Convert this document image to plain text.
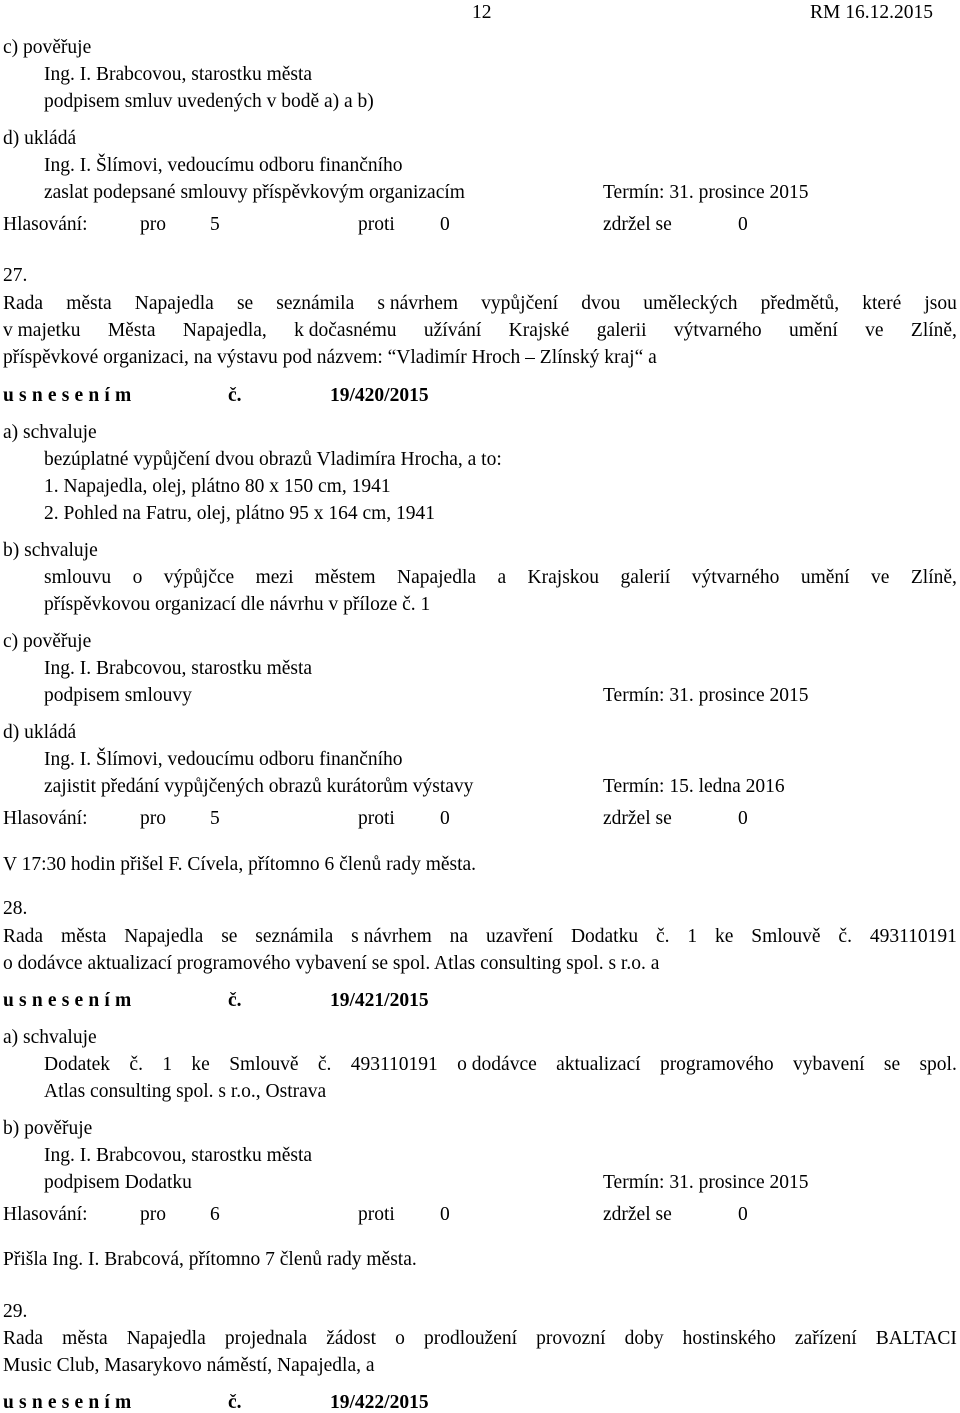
12	RM 16.12.2015
c) pověřuje
Ing. I. Brabcovou, starostku města
podpisem smluv uvedených v bodě a) a b)
d) ukládá
Ing. I. Šlímovi, vedoucímu odboru finančního
zaslat podepsané smlouvy příspěvkovým organizacím	Termín: 31. prosince 2015
Hlasování:	pro 5	proti 0	zdržel se	0
27.
Rada města Napajedla se seznámila s návrhem vypůjčení dvou uměleckých předmětů, které jsou
v majetku Města Napajedla, k dočasnému užívání Krajské galerii výtvarného umění ve Zlíně,
příspěvkové organizaci, na výstavu pod názvem: “Vladimír Hroch – Zlínský kraj“ a
usnesením	č.	19/420/2015
a) schvaluje
bezúplatné vypůjčení dvou obrazů Vladimíra Hrocha, a to:
1. Napajedla, olej, plátno 80 x 150 cm, 1941
2. Pohled na Fatru, olej, plátno 95 x 164 cm, 1941
b) schvaluje
smlouvu o výpůjčce mezi městem Napajedla a Krajskou galerií výtvarného umění ve Zlíně,
příspěvkovou organizací dle návrhu v příloze č. 1
c) pověřuje
Ing. I. Brabcovou, starostku města
podpisem smlouvy	Termín: 31. prosince 2015
d) ukládá
Ing. I. Šlímovi, vedoucímu odboru finančního
zajistit předání vypůjčených obrazů kurátorům výstavy	Termín: 15. ledna 2016
Hlasování:	pro 5	proti 0	zdržel se	0
V 17:30 hodin přišel F. Cívela, přítomno 6 členů rady města.
28.
Rada města Napajedla se seznámila s návrhem na uzavření Dodatku č. 1 ke Smlouvě č. 493110191
o dodávce aktualizací programového vybavení se spol. Atlas consulting spol. s r.o. a
usnesením	č.	19/421/2015
a) schvaluje
Dodatek č. 1 ke Smlouvě č. 493110191 o dodávce aktualizací programového vybavení se spol.
Atlas consulting spol. s r.o., Ostrava
b) pověřuje
Ing. I. Brabcovou, starostku města
podpisem Dodatku	Termín: 31. prosince 2015
Hlasování:	pro 6	proti 0	zdržel se	0
Přišla Ing. I. Brabcová, přítomno 7 členů rady města.
29.
Rada města Napajedla projednala žádost o prodloužení provozní doby hostinského zařízení BALTACI
Music Club, Masarykovo náměstí, Napajedla, a
usnesením	č.	19/422/2015
